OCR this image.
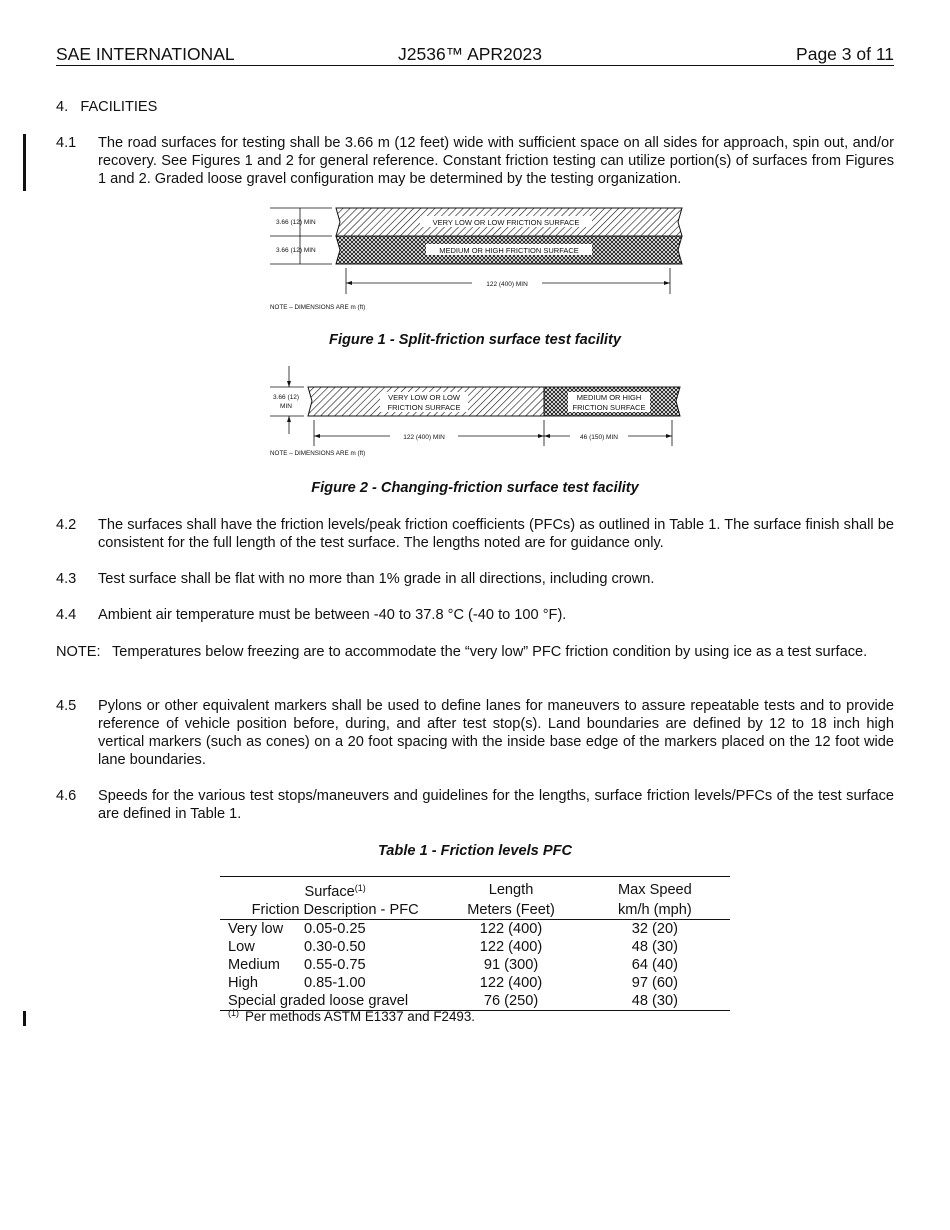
SAE INTERNATIONAL	J2536™ APR2023	Page 3 of 11
4. FACILITIES
4.1 The road surfaces for testing shall be 3.66 m (12 feet) wide with sufficient space on all sides for approach, spin out, and/or recovery. See Figures 1 and 2 for general reference. Constant friction testing can utilize portion(s) of surfaces from Figures 1 and 2. Graded loose gravel configuration may be determined by the testing organization.
3.66 (12) MIN
3.66 (12) MIN
VERY LOW OR LOW FRICTION SURFACE
MEDIUM OR HIGH FRICTION SURFACE
122 (400) MIN
NOTE – DIMENSIONS ARE m (ft)
Figure 1 - Split-friction surface test facility
3.66 (12)
MIN
VERY LOW OR LOW
FRICTION SURFACE
MEDIUM OR HIGH
FRICTION SURFACE
122 (400) MIN	46 (150) MIN
NOTE – DIMENSIONS ARE m (ft)
Figure 2 - Changing-friction surface test facility
4.2 The surfaces shall have the friction levels/peak friction coefficients (PFCs) as outlined in Table 1. The surface finish shall be consistent for the full length of the test surface. The lengths noted are for guidance only.
4.3 Test surface shall be flat with no more than 1% grade in all directions, including crown.
4.4 Ambient air temperature must be between -40 to 37.8 °C (-40 to 100 °F).
NOTE: Temperatures below freezing are to accommodate the “very low” PFC friction condition by using ice as a test surface.
4.5 Pylons or other equivalent markers shall be used to define lanes for maneuvers to assure repeatable tests and to provide reference of vehicle position before, during, and after test stop(s). Land boundaries are defined by 12 to 18 inch high vertical markers (such as cones) on a 20 foot spacing with the inside base edge of the markers placed on the 12 foot wide lane boundaries.
4.6 Speeds for the various test stops/maneuvers and guidelines for the lengths, surface friction levels/PFCs of the test surface are defined in Table 1.
Table 1 - Friction levels PFC
Surface$^{(1)}$	Length	Max Speed
Friction Description - PFC	Meters (Feet)	km/h (mph)
Very low 0.05-0.25	122 (400)	32 (20)
Low 0.30-0.50	122 (400)	48 (30)
Medium 0.55-0.75	91 (300)	64 (40)
High 0.85-1.00	122 (400)	97 (60)
Special graded loose gravel	76 (250)	48 (30)
$^{(1)}$ Per methods ASTM E1337 and F2493.
